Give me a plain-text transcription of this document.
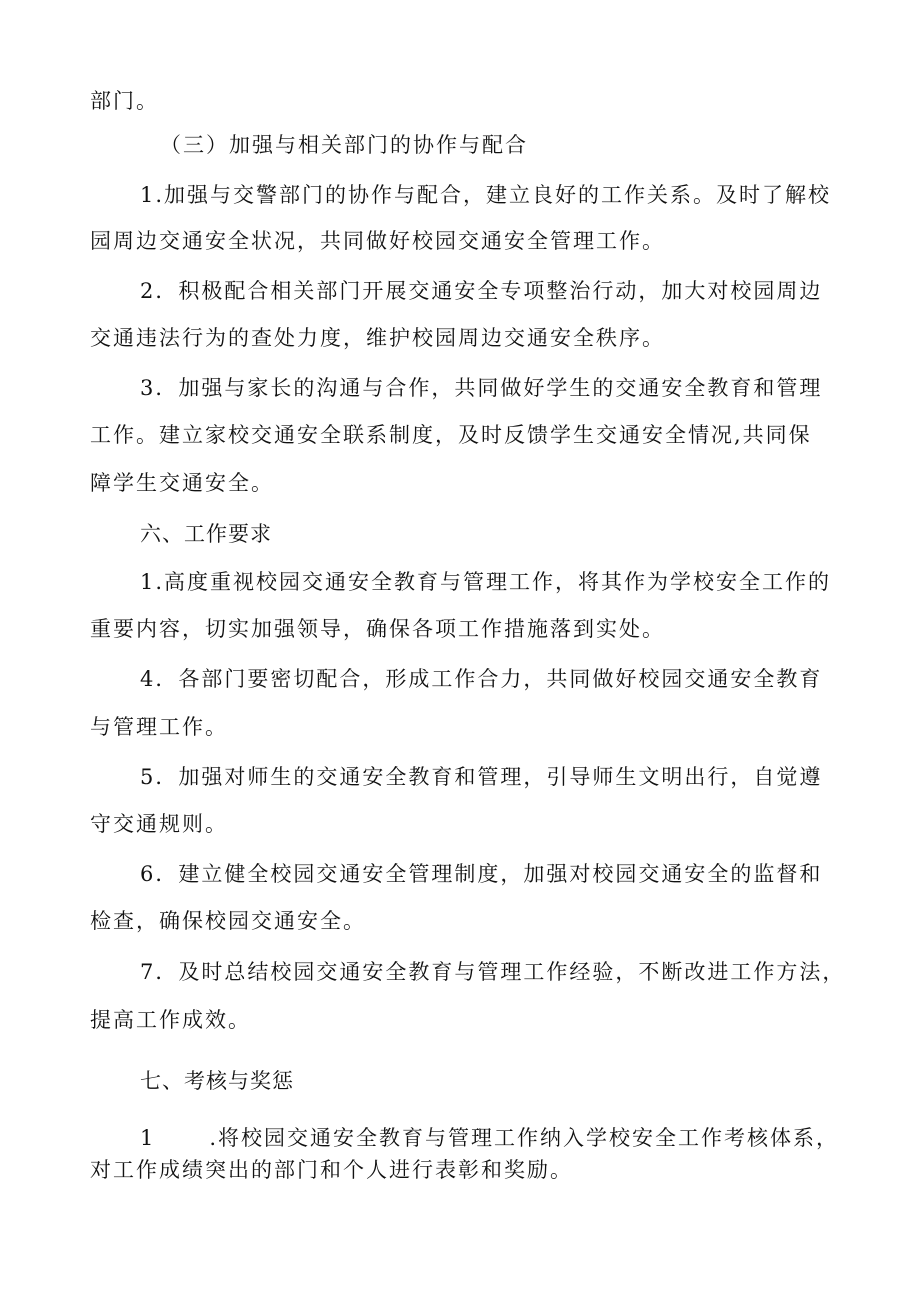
部门。
（三）加强与相关部门的协作与配合
1.加强与交警部门的协作与配合，建立良好的工作关系。及时了解校
园周边交通安全状况，共同做好校园交通安全管理工作。
2．积极配合相关部门开展交通安全专项整治行动，加大对校园周边
交通违法行为的查处力度，维护校园周边交通安全秩序。
3．加强与家长的沟通与合作，共同做好学生的交通安全教育和管理
工作。建立家校交通安全联系制度，及时反馈学生交通安全情况,共同保
障学生交通安全。
六、工作要求
1.高度重视校园交通安全教育与管理工作，将其作为学校安全工作的
重要内容，切实加强领导，确保各项工作措施落到实处。
4．各部门要密切配合，形成工作合力，共同做好校园交通安全教育
与管理工作。
5．加强对师生的交通安全教育和管理，引导师生文明出行，自觉遵
守交通规则。
6．建立健全校园交通安全管理制度，加强对校园交通安全的监督和
检查，确保校园交通安全。
7．及时总结校园交通安全教育与管理工作经验，不断改进工作方法，
提高工作成效。
七、考核与奖惩
1	.将校园交通安全教育与管理工作纳入学校安全工作考核体系，
对工作成绩突出的部门和个人进行表彰和奖励。
